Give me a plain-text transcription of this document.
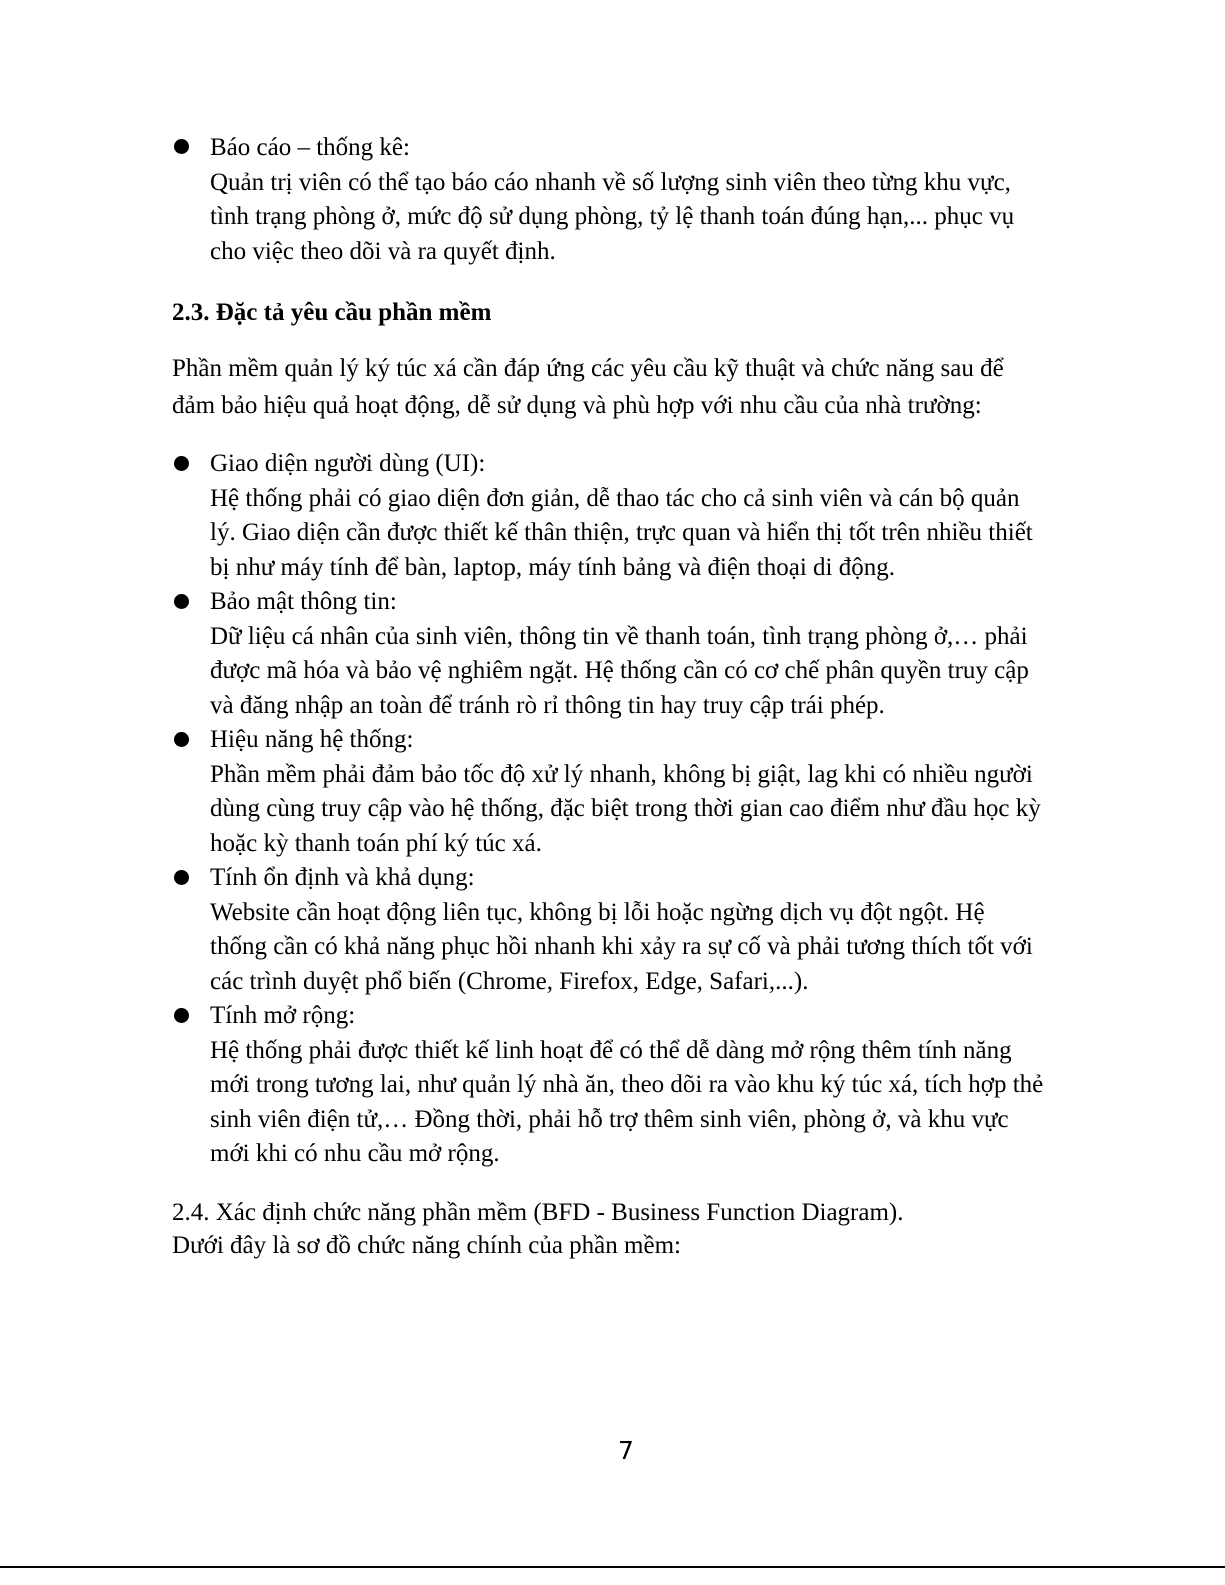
Báo cáo – thống kê:
Quản trị viên có thể tạo báo cáo nhanh về số lượng sinh viên theo từng khu vực,
tình trạng phòng ở, mức độ sử dụng phòng, tỷ lệ thanh toán đúng hạn,... phục vụ
cho việc theo dõi và ra quyết định.
2.3. Đặc tả yêu cầu phần mềm
Phần mềm quản lý ký túc xá cần đáp ứng các yêu cầu kỹ thuật và chức năng sau để
đảm bảo hiệu quả hoạt động, dễ sử dụng và phù hợp với nhu cầu của nhà trường:
Giao diện người dùng (UI):
Hệ thống phải có giao diện đơn giản, dễ thao tác cho cả sinh viên và cán bộ quản
lý. Giao diện cần được thiết kế thân thiện, trực quan và hiển thị tốt trên nhiều thiết
bị như máy tính để bàn, laptop, máy tính bảng và điện thoại di động.
Bảo mật thông tin:
Dữ liệu cá nhân của sinh viên, thông tin về thanh toán, tình trạng phòng ở,… phải
được mã hóa và bảo vệ nghiêm ngặt. Hệ thống cần có cơ chế phân quyền truy cập
và đăng nhập an toàn để tránh rò rỉ thông tin hay truy cập trái phép.
Hiệu năng hệ thống:
Phần mềm phải đảm bảo tốc độ xử lý nhanh, không bị giật, lag khi có nhiều người
dùng cùng truy cập vào hệ thống, đặc biệt trong thời gian cao điểm như đầu học kỳ
hoặc kỳ thanh toán phí ký túc xá.
Tính ổn định và khả dụng:
Website cần hoạt động liên tục, không bị lỗi hoặc ngừng dịch vụ đột ngột. Hệ
thống cần có khả năng phục hồi nhanh khi xảy ra sự cố và phải tương thích tốt với
các trình duyệt phổ biến (Chrome, Firefox, Edge, Safari,...).
Tính mở rộng:
Hệ thống phải được thiết kế linh hoạt để có thể dễ dàng mở rộng thêm tính năng
mới trong tương lai, như quản lý nhà ăn, theo dõi ra vào khu ký túc xá, tích hợp thẻ
sinh viên điện tử,… Đồng thời, phải hỗ trợ thêm sinh viên, phòng ở, và khu vực
mới khi có nhu cầu mở rộng.
2.4. Xác định chức năng phần mềm (BFD - Business Function Diagram).
Dưới đây là sơ đồ chức năng chính của phần mềm:
7
